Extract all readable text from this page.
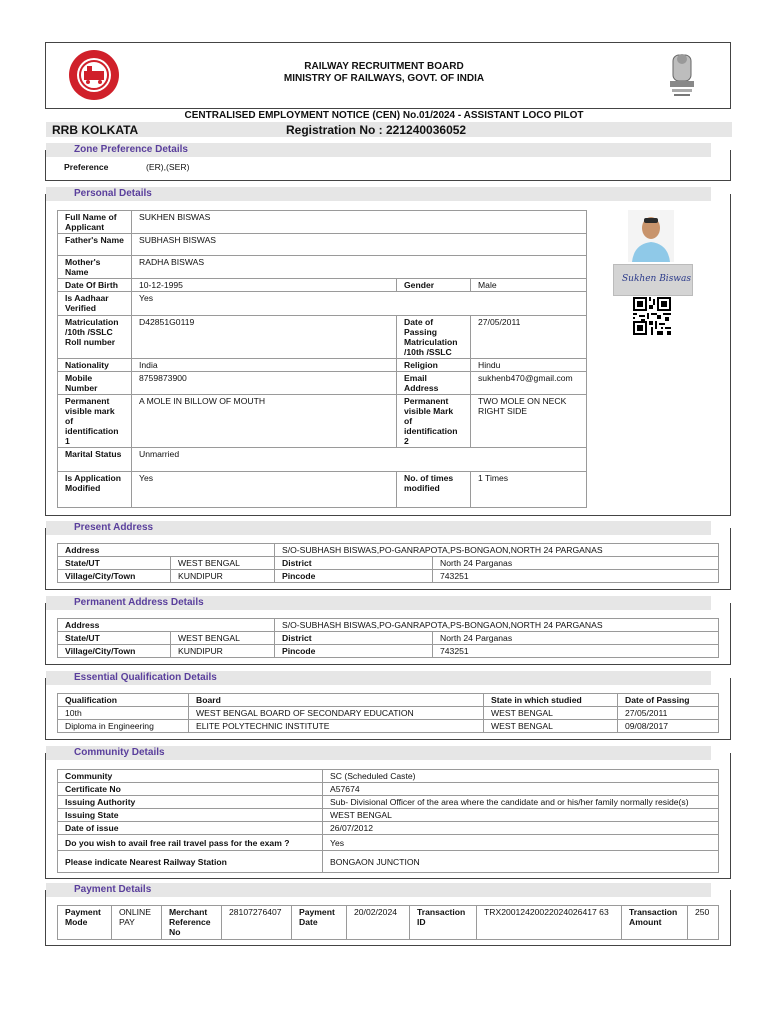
RAILWAY RECRUITMENT BOARD
MINISTRY OF RAILWAYS, GOVT. OF INDIA
CENTRALISED EMPLOYMENT NOTICE (CEN) No.01/2024 - ASSISTANT LOCO PILOT
RRB KOLKATA	Registration No : 221240036052
Zone Preference Details
Preference	(ER),(SER)
Personal Details
Full Name of Applicant	SUKHEN BISWAS		
Father's Name	SUBHASH BISWAS		
Mother's Name	RADHA BISWAS		
Date Of Birth	10-12-1995	Gender	Male
Is Aadhaar Verified	Yes		
Matriculation /10th /SSLC Roll number	D42851G0119	Date of Passing Matriculation /10th /SSLC	27/05/2011
Nationality	India	Religion	Hindu
Mobile Number	8759873900	Email Address	sukhenb470@gmail.com
Permanent visible mark of identification 1	A MOLE IN BILLOW OF MOUTH	Permanent visible Mark of identification 2	TWO MOLE ON NECK RIGHT SIDE
Marital Status	Unmarried		
Is Application Modified	Yes	No. of times modified	1 Times
Sukhen Biswas
Present Address
Address		S/O-SUBHASH BISWAS,PO-GANRAPOTA,PS-BONGAON,NORTH 24 PARGANAS	
State/UT	WEST BENGAL	District	North 24 Parganas
Village/City/Town	KUNDIPUR	Pincode	743251
Permanent Address Details
Address		S/O-SUBHASH BISWAS,PO-GANRAPOTA,PS-BONGAON,NORTH 24 PARGANAS	
State/UT	WEST BENGAL	District	North 24 Parganas
Village/City/Town	KUNDIPUR	Pincode	743251
Essential Qualification Details
Qualification	Board	State in which studied	Date of Passing
10th	WEST BENGAL BOARD OF SECONDARY EDUCATION	WEST BENGAL	27/05/2011
Diploma in Engineering	ELITE POLYTECHNIC INSTITUTE	WEST BENGAL	09/08/2017
Community Details
Community	SC (Scheduled Caste)
Certificate No	A57674
Issuing Authority	Sub- Divisional Officer of the area where the candidate and or his/her family normally reside(s)
Issuing State	WEST BENGAL
Date of issue	26/07/2012
Do you wish to avail free rail travel pass for the exam ?	Yes
Please indicate Nearest Railway Station	BONGAON JUNCTION
Payment Details
Payment Mode	ONLINE PAY	Merchant Reference No	28107276407	Payment Date	20/02/2024	Transaction ID	TRX20012420022024026417 63	Transaction Amount	250
